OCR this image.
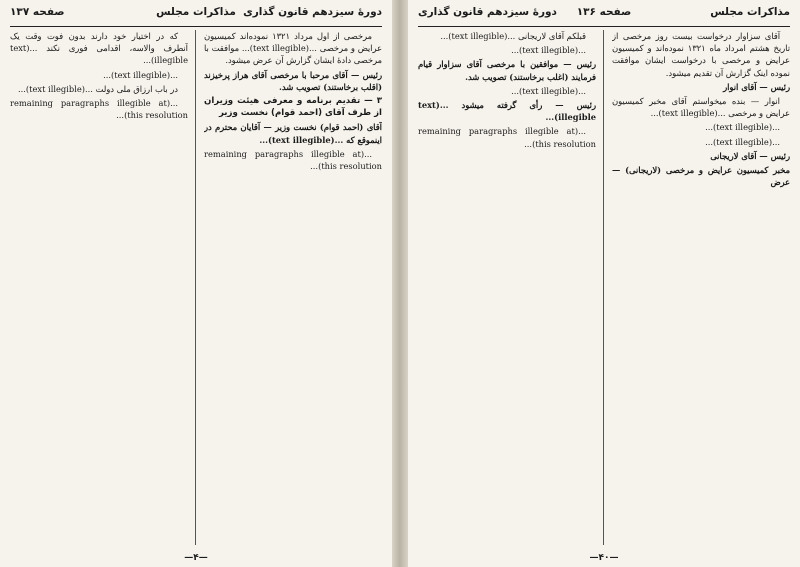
دورهٔ سیزدهم قانون گذاری
مذاکرات مجلس
صفحه ۱۳۷

مرخصی از اول مرداد ۱۳۲۱ نموده‌اند کمیسیون عرایض و مرخصی ...(text illegible)... موافقت با مرخصی دادهٔ ایشان گزارش آن عرض میشود.

رئیس — آقای مرحبا با مرخصی آقای هراز پرخیزند (اقلب برخاستند) تصویب شد.

۳ — تقدیم برنامه و معرفی هیئت وزیران از طرف آقای (احمد قوام) نخست وزیر

آقای (احمد قوام) نخست وزیر — آقایان محترم در اینموقع که ...(text illegible)...

...(remaining paragraphs illegible at this resolution)...

که در اختیار خود دارند بدون فوت وقت یک آنطرف والاسه، اقدامی فوری نکند ...(text illegible)...

...(text illegible)...

در باب ارزاق ملی دولت ...(text illegible)...

...(remaining paragraphs illegible at this resolution)...

—۴—
مذاکرات مجلس
صفحه ۱۳۶
دورهٔ سیزدهم قانون گذاری

آقای سزاوار درخواست بیست روز مرخصی از تاریخ هشتم امرداد ماه ۱۳۲۱ نموده‌اند و کمیسیون عرایض و مرخصی با درخواست ایشان موافقت نموده اینک گزارش آن تقدیم میشود.

رئیس — آقای انوار

انوار — بنده میخواستم آقای مخبر کمیسیون عرایض و مرخصی ...(text illegible)...

...(text illegible)...

...(text illegible)...

رئیس — آقای لاریجانی

مخبر کمیسیون عرایض و مرخصی (لاریجانی) — عرض

قبلکم آقای لاریجانی ...(text illegible)...

...(text illegible)...

رئیس — موافقین با مرخصی آقای سزاوار قیام فرمایند (اغلب برخاستند) تصویب شد.

...(text illegible)...

رئیس — رأی گرفته میشود ...(text illegible)...

...(remaining paragraphs illegible at this resolution)...

—۴۰—
